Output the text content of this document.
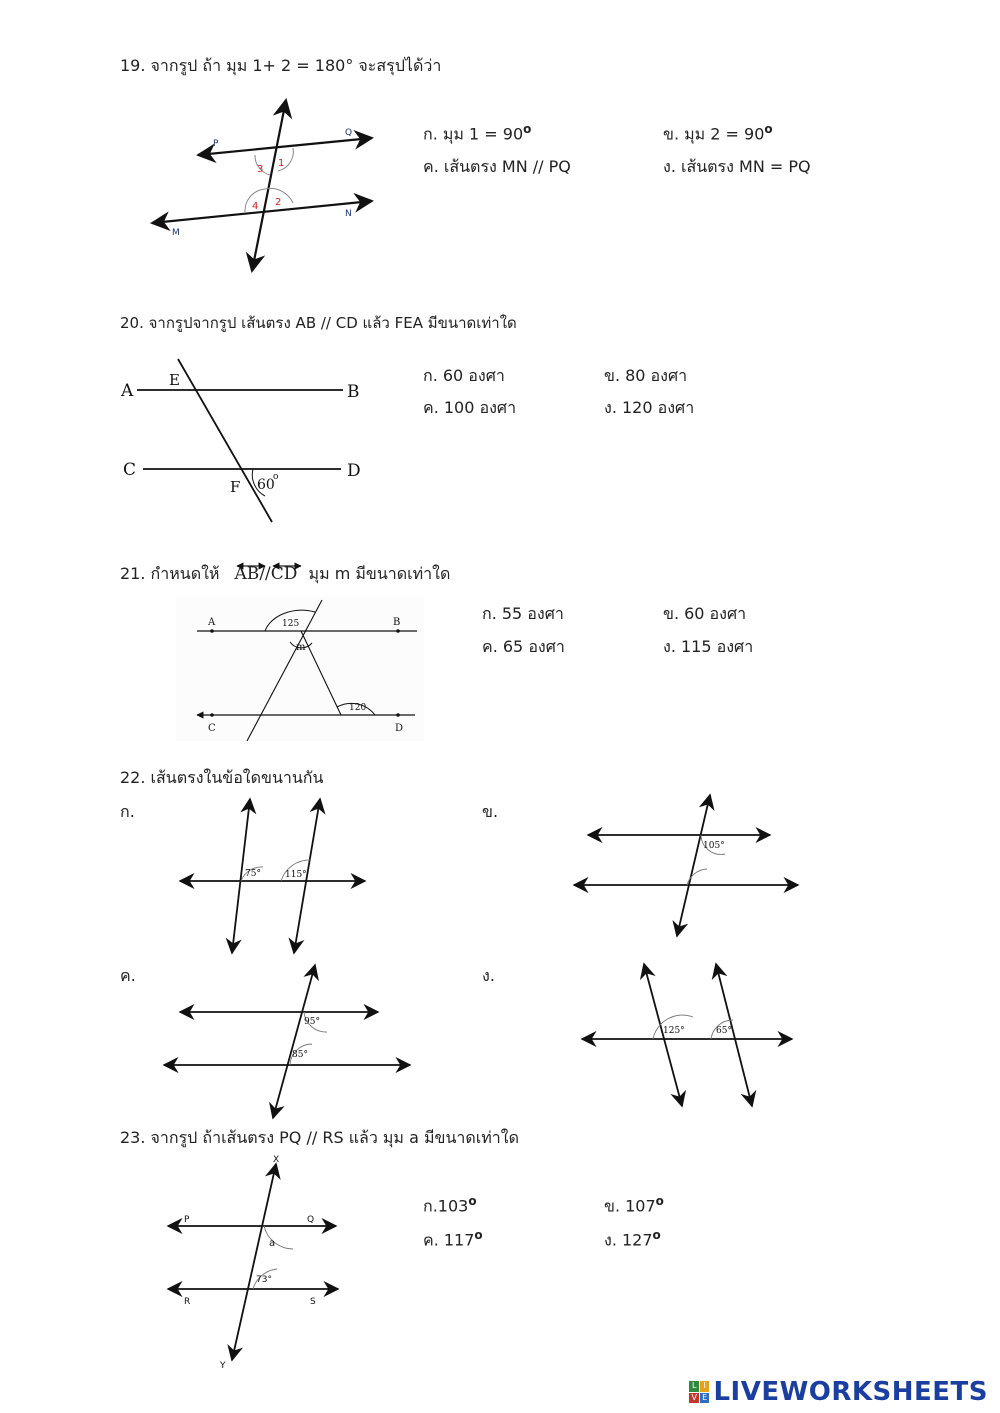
19. จากรูป ถ้า มุม 1+ 2 = 180° จะสรุปได้ว่า
P
Q
M
N
1
3
2
4
ก. มุม $1 = 90^o$	ข. มุม $2 = 90^o$
ค. เส้นตรง MN // PQ	ง. เส้นตรง MN = PQ
20. จากรูปจากรูป เส้นตรง AB // CD แล้ว FEA มีขนาดเท่าใด
A	B
C	D
E
F 60
o
ก. 60 องศา	ข. 80 องศา
ค. 100 องศา	ง. 120 องศา
21. กำหนดให้ AB//
CD มุม m มีขนาดเท่าใด
A	B
C	D
125
m
120
ก. 55 องศา	ข. 60 องศา
ค. 65 องศา	ง. 115 องศา
22. เส้นตรงในข้อใดขนานกัน
ก.	ข.
ค.	ง.
75°	115°
105°
95°
85°
125°	65°
23. จากรูป ถ้าเส้นตรง PQ // RS แล้ว มุม a มีขนาดเท่าใด
X
Y
P	Q
R	S
a
73°
ก.103$^o$	ข. 107$^o$
ค. 117$^o$	ง. 127$^o$
L I
V E LIVEWORKSHEETS
